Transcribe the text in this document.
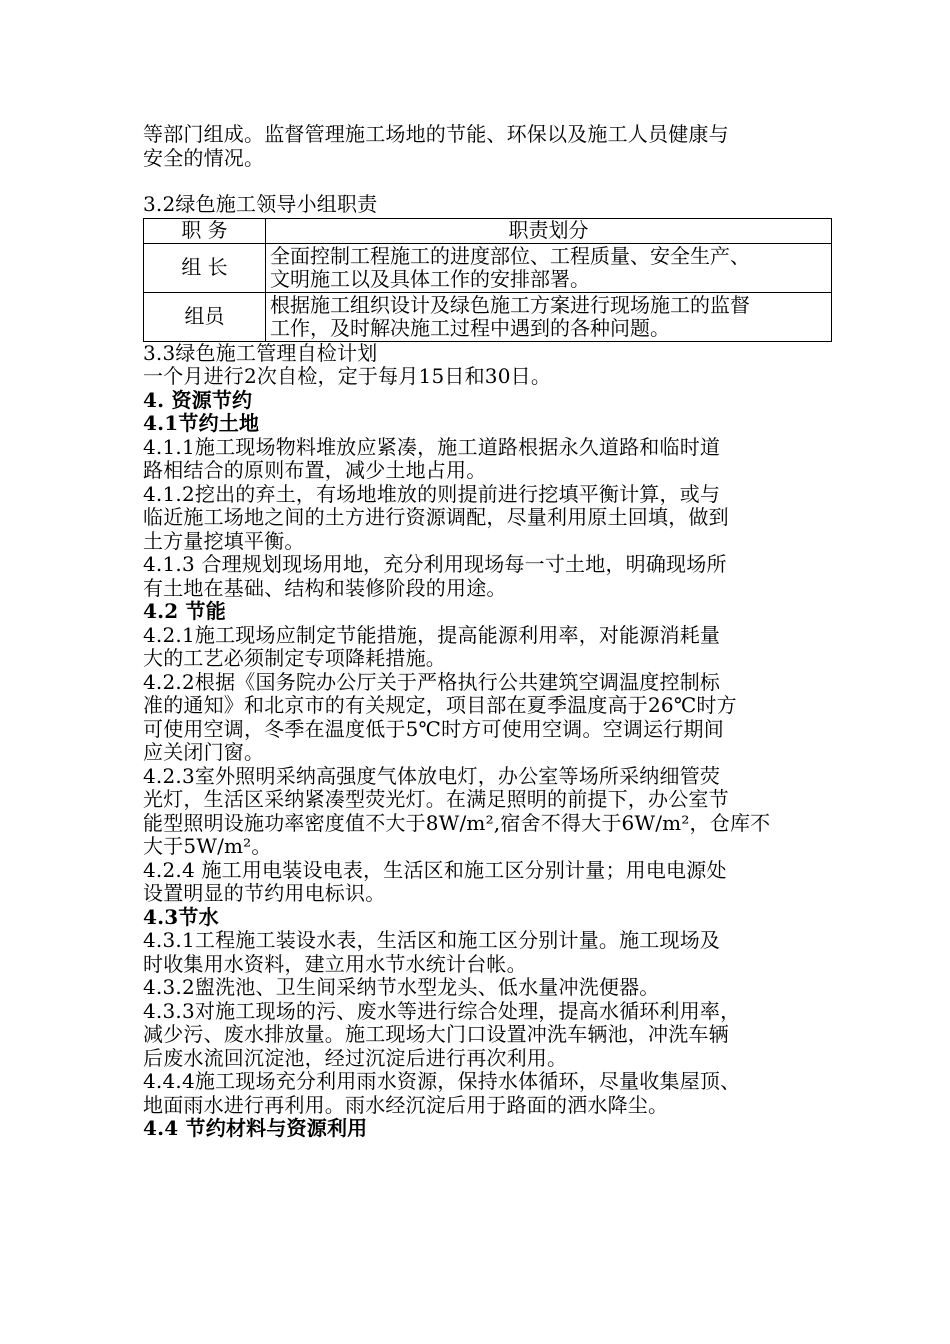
等部门组成。监督管理施工场地的节能、环保以及施工人员健康与
安全的情况。
3.2绿色施工领导小组职责
职 务	职责划分
组 长	全面控制工程施工的进度部位、工程质量、安全生产、
文明施工以及具体工作的安排部署。

组员	根据施工组织设计及绿色施工方案进行现场施工的监督
工作，及时解决施工过程中遇到的各种问题。
3.3绿色施工管理自检计划
一个月进行2次自检，定于每月15日和30日。
4. 资源节约
4.1节约土地
4.1.1施工现场物料堆放应紧凑，施工道路根据永久道路和临时道
路相结合的原则布置，减少土地占用。
4.1.2挖出的弃土，有场地堆放的则提前进行挖填平衡计算，或与
临近施工场地之间的土方进行资源调配，尽量利用原土回填，做到
土方量挖填平衡。
4.1.3 合理规划现场用地，充分利用现场每一寸土地，明确现场所
有土地在基础、结构和装修阶段的用途。
4.2 节能
4.2.1施工现场应制定节能措施，提高能源利用率，对能源消耗量
大的工艺必须制定专项降耗措施。
4.2.2根据《国务院办公厅关于严格执行公共建筑空调温度控制标
准的通知》和北京市的有关规定，项目部在夏季温度高于26℃时方
可使用空调，冬季在温度低于5℃时方可使用空调。空调运行期间
应关闭门窗。
4.2.3室外照明采纳高强度气体放电灯，办公室等场所采纳细管荧
光灯，生活区采纳紧凑型荧光灯。在满足照明的前提下，办公室节
能型照明设施功率密度值不大于8W/m²,宿舍不得大于6W/m²，仓库不
大于5W/m²。
4.2.4 施工用电装设电表，生活区和施工区分别计量；用电电源处
设置明显的节约用电标识。
4.3节水
4.3.1工程施工装设水表，生活区和施工区分别计量。施工现场及
时收集用水资料，建立用水节水统计台帐。
4.3.2盥洗池、卫生间采纳节水型龙头、低水量冲洗便器。
4.3.3对施工现场的污、废水等进行综合处理，提高水循环利用率，
减少污、废水排放量。施工现场大门口设置冲洗车辆池，冲洗车辆
后废水流回沉淀池，经过沉淀后进行再次利用。
4.4.4施工现场充分利用雨水资源，保持水体循环，尽量收集屋顶、
地面雨水进行再利用。雨水经沉淀后用于路面的洒水降尘。
4.4 节约材料与资源利用
